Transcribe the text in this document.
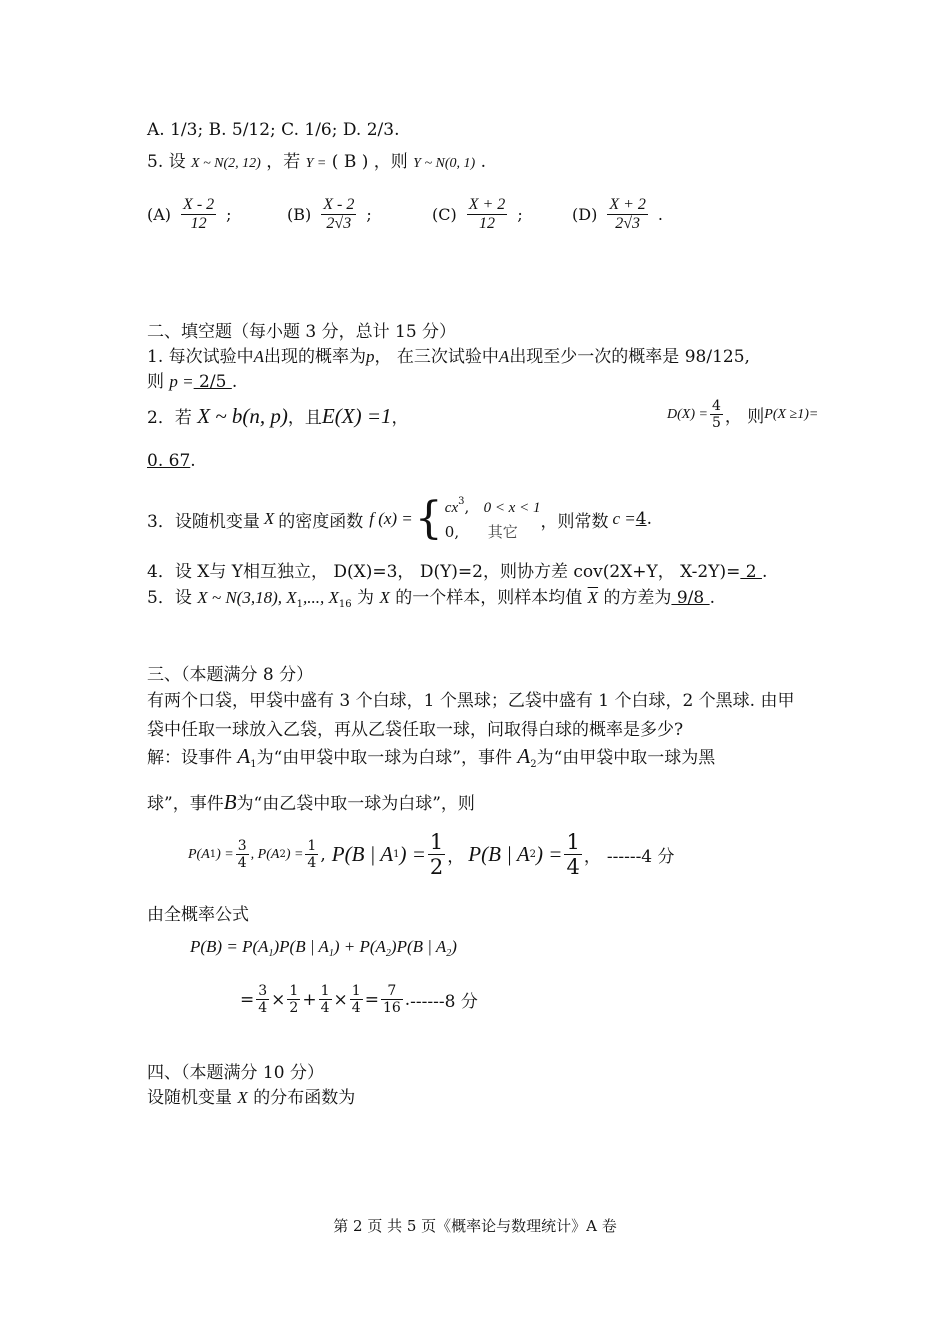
A. 1/3; B. 5/12; C. 1/6; D. 2/3.
5. 设 X ~ N(2, 12) ，若 Y = ( B ) ，则 Y ~ N(0, 1) .
$(A) \frac{X - 2}{12}$ ;	$(B) \frac{X - 2}{2√3}$ ;	$(C) \frac{X + 2}{12}$ ;	$(D) \frac{X + 2}{2√3}$ .
二、填空题（每小题 3 分，总计 15 分）
1. 每次试验中A出现的概率为p， 在三次试验中A出现至少一次的概率是 98/125,
则 p = 2/5 .
2．若 X ~ b(n, p)，且E(X) =1，	$D(X) = \frac{4}{5}$ ， 则 P(X ≥1)=
0. 67.
3．设随机变量 X 的密度函数 f (x) = { $cx^3$,   0 < x < 1
0, 其它
，则常数 c = 4 .
4．设 X与 Y相互独立， D(X)=3， D(Y)=2，则协方差 cov(2X+Y， X-2Y)= 2 .
5．设 X ~ N(3,18), $X_1$,..., $X_{16}$ 为 X 的一个样本，则样本均值 $\overline{X}$ 的方差为 9/8 .
三、（本题满分 8 分）
有两个口袋，甲袋中盛有 3 个白球，1 个黑球；乙袋中盛有 1 个白球，2 个黑球. 由甲
袋中任取一球放入乙袋，再从乙袋任取一球，问取得白球的概率是多少?
解：设事件 $A_1$为“由甲袋中取一球为白球”，事件 $A_2$为“由甲袋中取一球为黑
球”，事件B为“由乙袋中取一球为白球”，则
P(A 1 ) = $\frac{3}{4}$ , P(A 2 ) = $\frac{1}{4}$ , P(B | A 1 ) = $\frac{1}{2}$ ， P(B | A 2 ) = $\frac{1}{4}$ ， ------4 分
由全概率公式
$P(B) = P(A_1)P(B$ | $A_1) + P(A_2)P(B$ | $A_2$)
= $\frac{3}{4} \times \frac{1}{2} + \frac{1}{4} \times \frac{1}{4} = \frac{7}{16}$ . ------8 分
四、（本题满分 10 分）
设随机变量 X 的分布函数为
第 2 页 共 5 页《概率论与数理统计》A 卷
